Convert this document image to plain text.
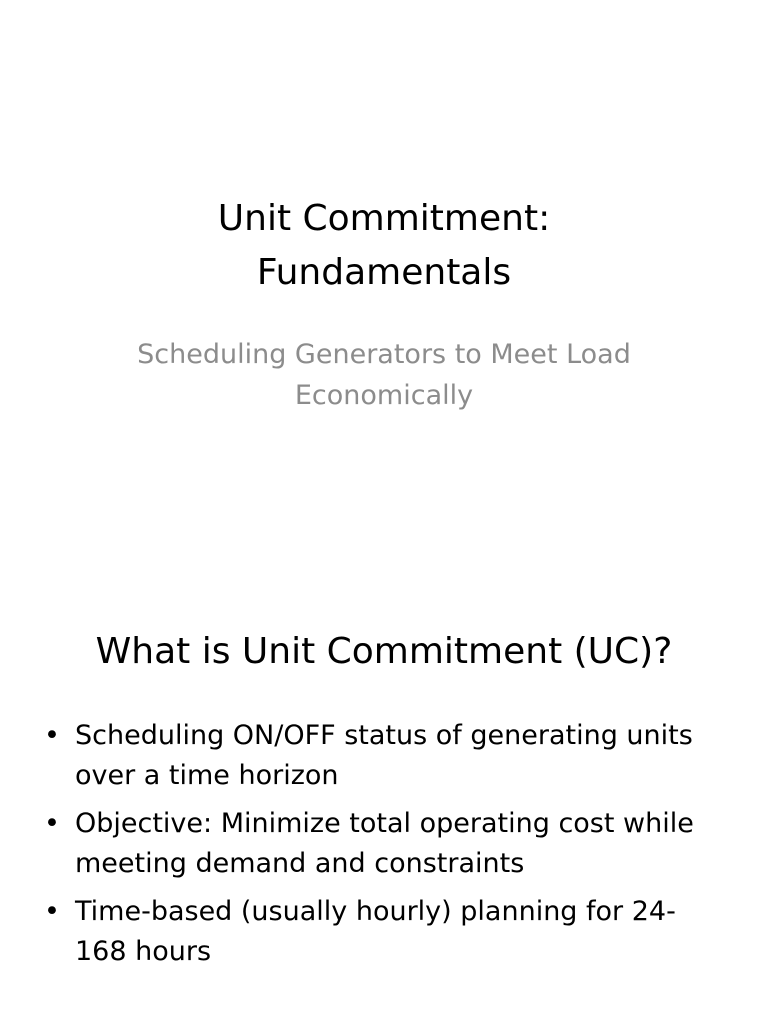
Unit Commitment:
Fundamentals
Scheduling Generators to Meet Load
Economically
What is Unit Commitment (UC)?
• Scheduling ON/OFF status of generating units
over a time horizon
• Objective: Minimize total operating cost while
meeting demand and constraints
• Time-based (usually hourly) planning for 24-
168 hours
